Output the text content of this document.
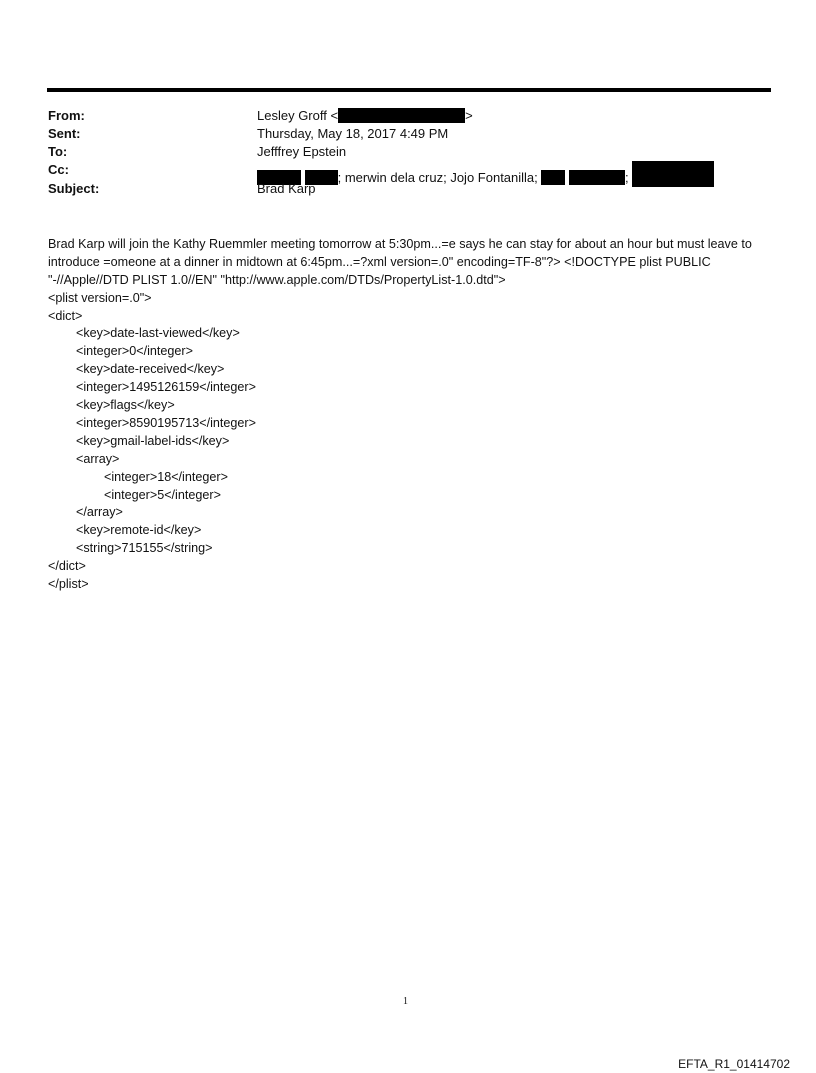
From:	Lesley Groff <	>
Sent:	Thursday, May 18, 2017 4:49 PM
To:	Jefffrey Epstein
Cc:
; merwin dela cruz; Jojo Fontanilla;	;
Subject:	Brad Karp
Brad Karp will join the Kathy Ruemmler meeting tomorrow at 5:30pm...=e says he can stay for about an hour but must leave to introduce =omeone at a dinner in midtown at 6:45pm...=?xml version=.0" encoding=TF-8"?> <!DOCTYPE plist PUBLIC "-//Apple//DTD PLIST 1.0//EN" "http://www.apple.com/DTDs/PropertyList-1.0.dtd">
<plist version=.0">
<dict>
<key>date-last-viewed</key>
<integer>0</integer>
<key>date-received</key>
<integer>1495126159</integer>
<key>flags</key>
<integer>8590195713</integer>
<key>gmail-label-ids</key>
<array>
<integer>18</integer>
<integer>5</integer>
</array>
<key>remote-id</key>
<string>715155</string>
</dict>
</plist>
1
EFTA_R1_01414702
